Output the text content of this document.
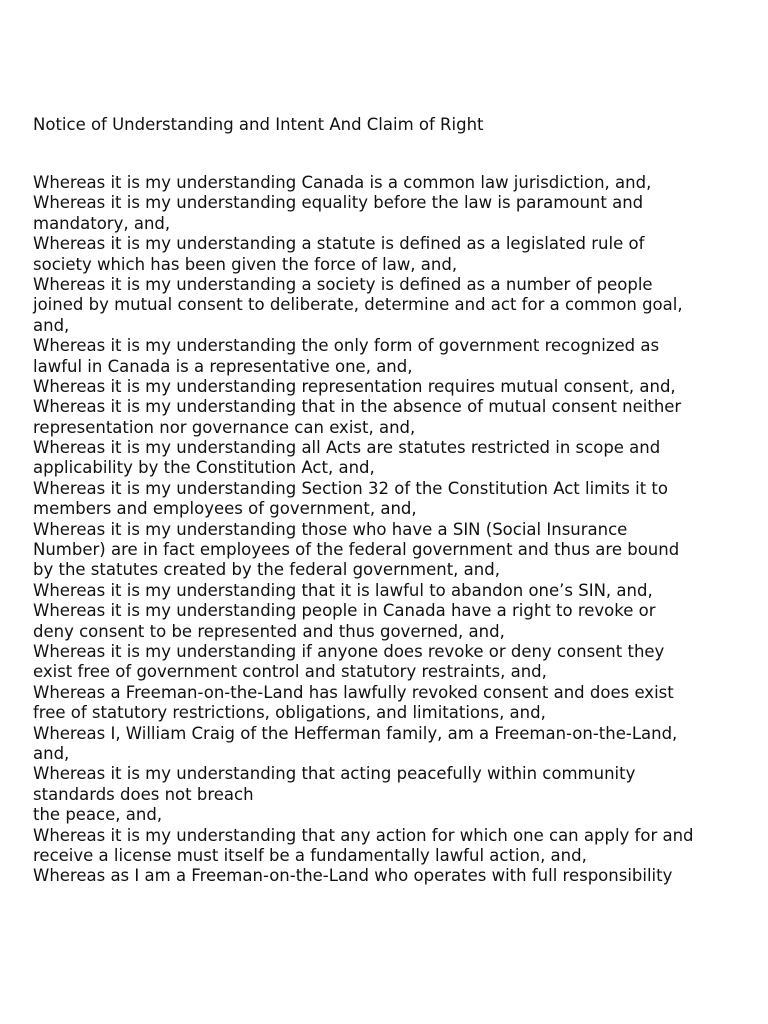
Notice of Understanding and Intent And Claim of Right
Whereas it is my understanding Canada is a common law jurisdiction, and,
Whereas it is my understanding equality before the law is paramount and
mandatory, and,
Whereas it is my understanding a statute is defined as a legislated rule of
society which has been given the force of law, and,
Whereas it is my understanding a society is defined as a number of people
joined by mutual consent to deliberate, determine and act for a common goal,
and,
Whereas it is my understanding the only form of government recognized as
lawful in Canada is a representative one, and,
Whereas it is my understanding representation requires mutual consent, and,
Whereas it is my understanding that in the absence of mutual consent neither
representation nor governance can exist, and,
Whereas it is my understanding all Acts are statutes restricted in scope and
applicability by the Constitution Act, and,
Whereas it is my understanding Section 32 of the Constitution Act limits it to
members and employees of government, and,
Whereas it is my understanding those who have a SIN (Social Insurance
Number) are in fact employees of the federal government and thus are bound
by the statutes created by the federal government, and,
Whereas it is my understanding that it is lawful to abandon one’s SIN, and,
Whereas it is my understanding people in Canada have a right to revoke or
deny consent to be represented and thus governed, and,
Whereas it is my understanding if anyone does revoke or deny consent they
exist free of government control and statutory restraints, and,
Whereas a Freeman-on-the-Land has lawfully revoked consent and does exist
free of statutory restrictions, obligations, and limitations, and,
Whereas I, William Craig of the Hefferman family, am a Freeman-on-the-Land,
and,
Whereas it is my understanding that acting peacefully within community
standards does not breach
the peace, and,
Whereas it is my understanding that any action for which one can apply for and
receive a license must itself be a fundamentally lawful action, and,
Whereas as I am a Freeman-on-the-Land who operates with full responsibility
